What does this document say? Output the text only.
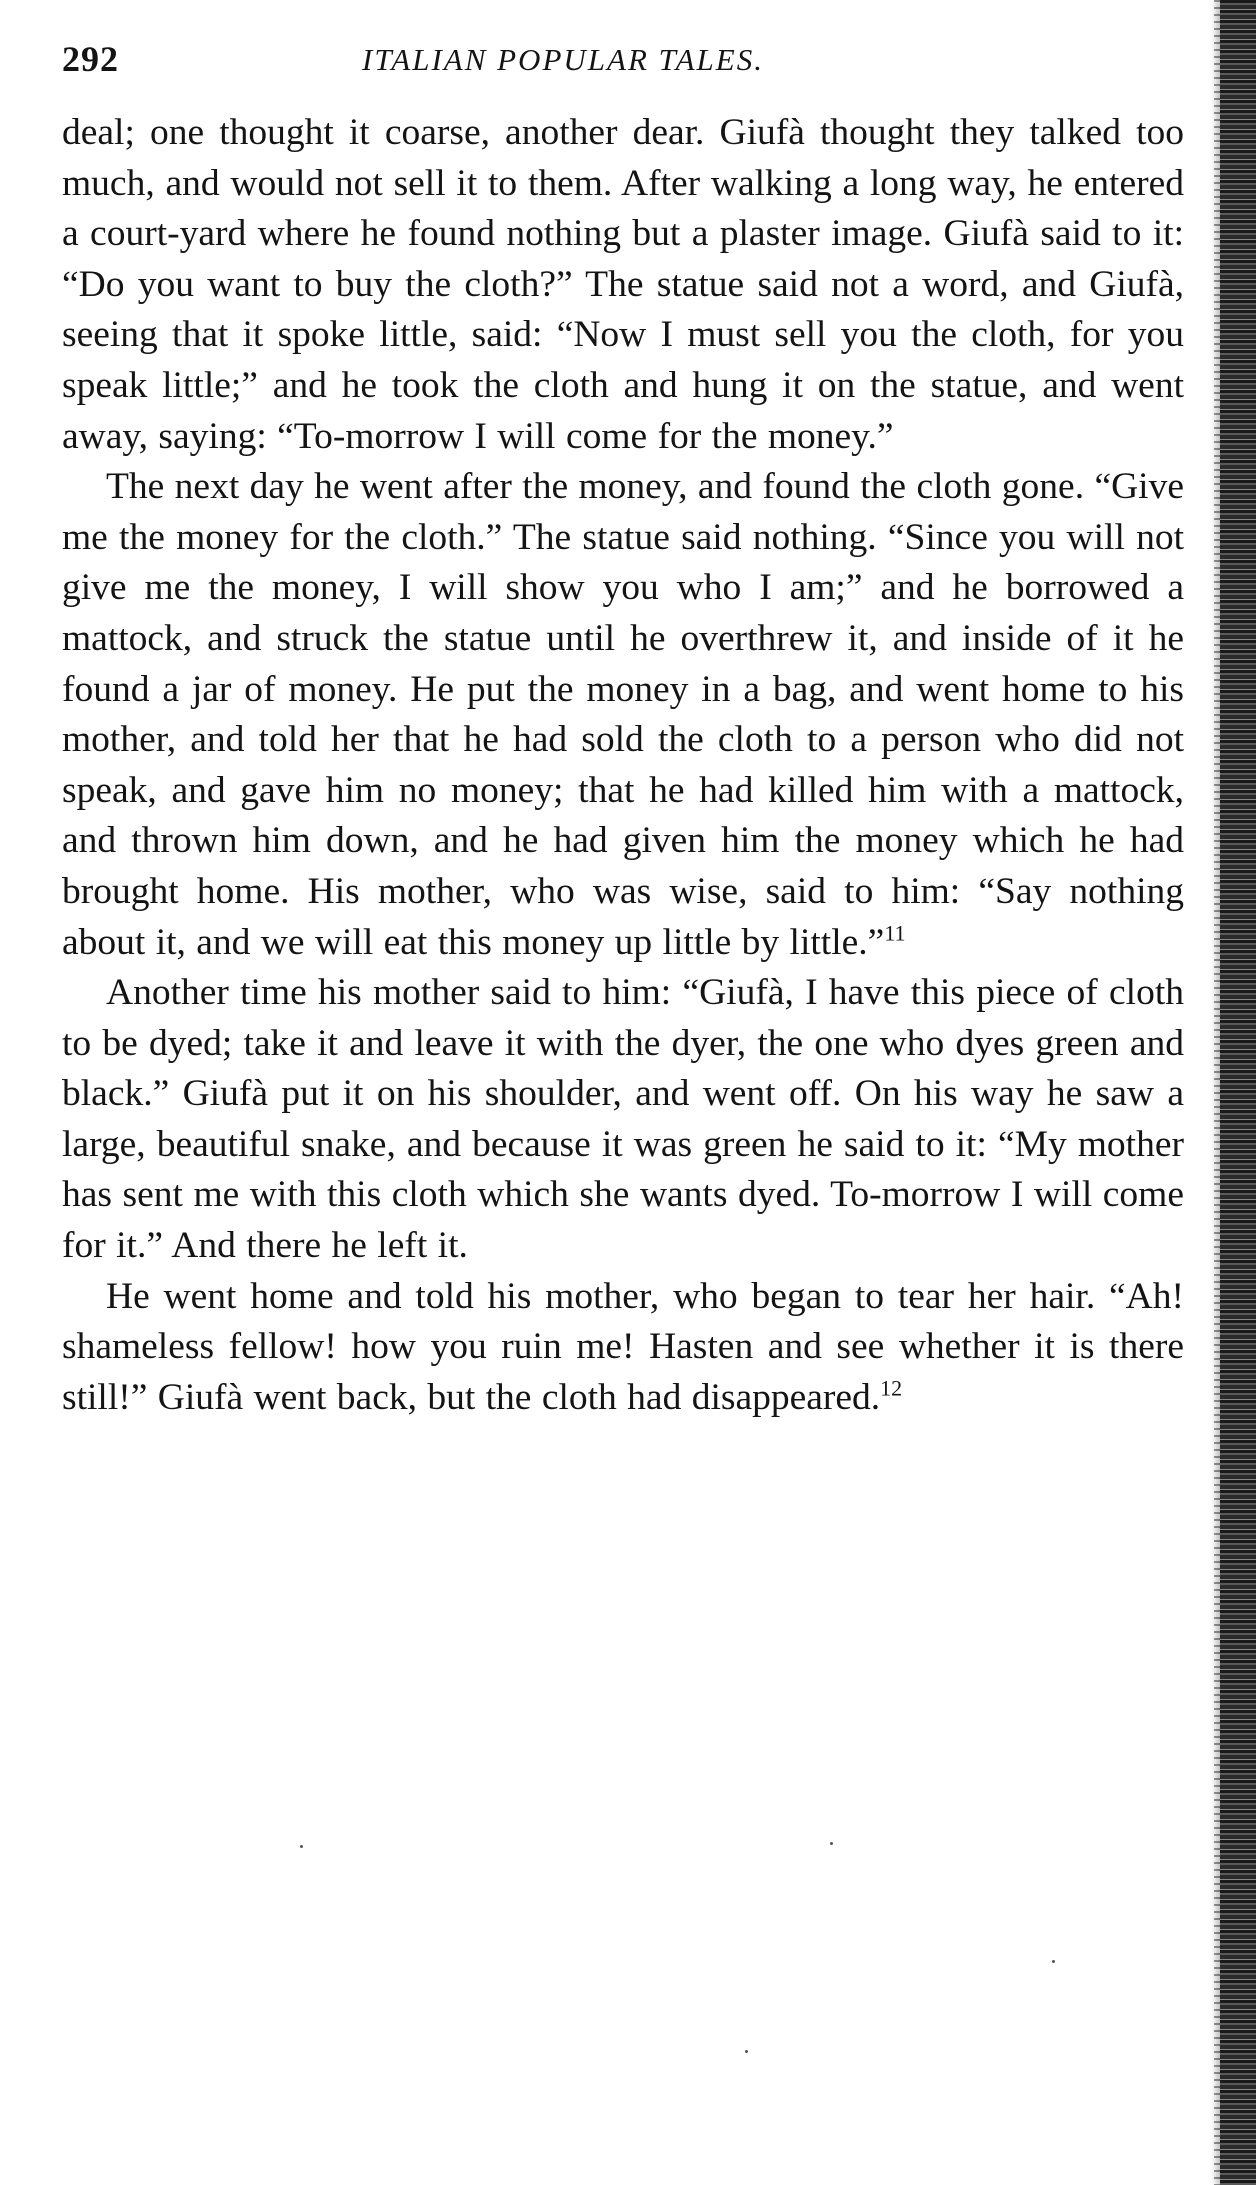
292	ITALIAN POPULAR TALES.

deal; one thought it coarse, another dear. Giufà thought they talked too much, and would not sell it to them. After walking a long way, he entered a court-yard where he found nothing but a plaster image. Giufà said to it: “Do you want to buy the cloth?” The statue said not a word, and Giufà, seeing that it spoke little, said: “Now I must sell you the cloth, for you speak little;” and he took the cloth and hung it on the statue, and went away, saying: “To-morrow I will come for the money.”

The next day he went after the money, and found the cloth gone. “Give me the money for the cloth.” The statue said nothing. “Since you will not give me the money, I will show you who I am;” and he borrowed a mattock, and struck the statue until he overthrew it, and inside of it he found a jar of money. He put the money in a bag, and went home to his mother, and told her that he had sold the cloth to a person who did not speak, and gave him no money; that he had killed him with a mattock, and thrown him down, and he had given him the money which he had brought home. His mother, who was wise, said to him: “Say nothing about it, and we will eat this money up little by little.”$^{11}$

Another time his mother said to him: “Giufà, I have this piece of cloth to be dyed; take it and leave it with the dyer, the one who dyes green and black.” Giufà put it on his shoulder, and went off. On his way he saw a large, beautiful snake, and because it was green he said to it: “My mother has sent me with this cloth which she wants dyed. To-morrow I will come for it.” And there he left it.

He went home and told his mother, who began to tear her hair. “Ah! shameless fellow! how you ruin me! Hasten and see whether it is there still!” Giufà went back, but the cloth had disappeared.$^{12}$
